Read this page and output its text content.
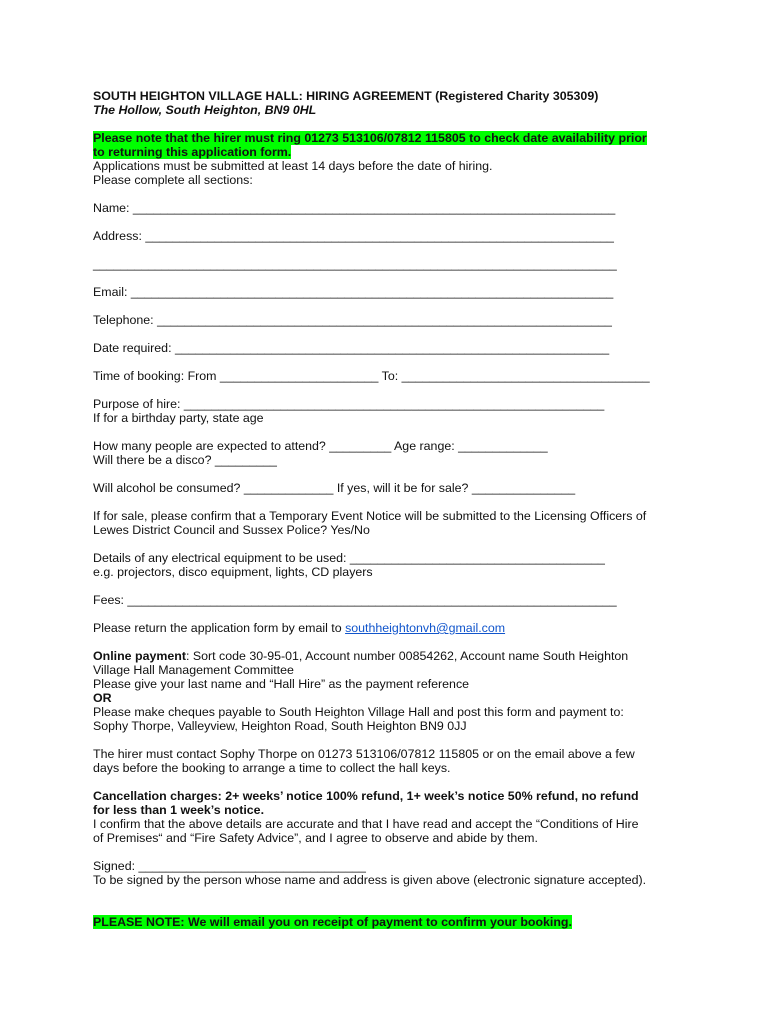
SOUTH HEIGHTON VILLAGE HALL: HIRING AGREEMENT (Registered Charity 305309)

The Hollow, South Heighton, BN9 0HL

Please note that the hirer must ring 01273 513106/07812 115805 to check date availability prior

to returning this application form.

Applications must be submitted at least 14 days before the date of hiring.

Please complete all sections:

Name: ______________________________________________________________________

Address: ____________________________________________________________________

____________________________________________________________________________

Email: ______________________________________________________________________

Telephone: __________________________________________________________________

Date required: _______________________________________________________________

Time of booking: From _______________________ To: ____________________________________

Purpose of hire: _____________________________________________________________

If for a birthday party, state age

How many people are expected to attend? _________ Age range: _____________

Will there be a disco? _________

Will alcohol be consumed? _____________ If yes, will it be for sale? _______________

If for sale, please confirm that a Temporary Event Notice will be submitted to the Licensing Officers of

Lewes District Council and Sussex Police? Yes/No

Details of any electrical equipment to be used: _____________________________________

e.g. projectors, disco equipment, lights, CD players

Fees: _______________________________________________________________________

Please return the application form by email to southheightonvh@gmail.com

Online payment: Sort code 30-95-01, Account number 00854262, Account name South Heighton

Village Hall Management Committee

Please give your last name and “Hall Hire” as the payment reference

OR

Please make cheques payable to South Heighton Village Hall and post this form and payment to:

Sophy Thorpe, Valleyview, Heighton Road, South Heighton BN9 0JJ

The hirer must contact Sophy Thorpe on 01273 513106/07812 115805 or on the email above a few

days before the booking to arrange a time to collect the hall keys.

Cancellation charges: 2+ weeks’ notice 100% refund, 1+ week’s notice 50% refund, no refund

for less than 1 week’s notice.

I confirm that the above details are accurate and that I have read and accept the “Conditions of Hire

of Premises“ and “Fire Safety Advice”, and I agree to observe and abide by them.

Signed: _________________________________

To be signed by the person whose name and address is given above (electronic signature accepted).

PLEASE NOTE: We will email you on receipt of payment to confirm your booking.
